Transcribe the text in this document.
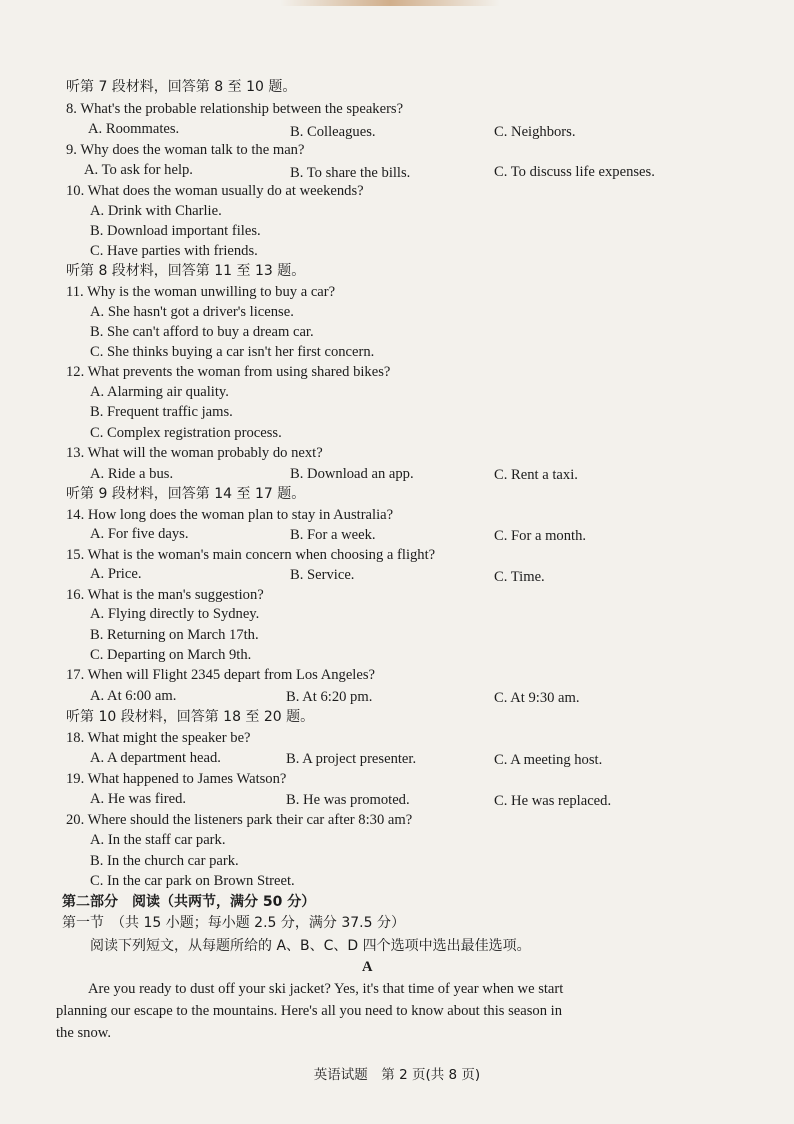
听第 7 段材料，回答第 8 至 10 题。
8. What's the probable relationship between the speakers?
A. Roommates.	B. Colleagues.	C. Neighbors.
9. Why does the woman talk to the man?
A. To ask for help.	B. To share the bills.	C. To discuss life expenses.
10. What does the woman usually do at weekends?
A. Drink with Charlie.
B. Download important files.
C. Have parties with friends.
听第 8 段材料，回答第 11 至 13 题。
11. Why is the woman unwilling to buy a car?
A. She hasn't got a driver's license.
B. She can't afford to buy a dream car.
C. She thinks buying a car isn't her first concern.
12. What prevents the woman from using shared bikes?
A. Alarming air quality.
B. Frequent traffic jams.
C. Complex registration process.
13. What will the woman probably do next?
A. Ride a bus.	B. Download an app.	C. Rent a taxi.
听第 9 段材料，回答第 14 至 17 题。
14. How long does the woman plan to stay in Australia?
A. For five days.	B. For a week.	C. For a month.
15. What is the woman's main concern when choosing a flight?
A. Price.	B. Service.	C. Time.
16. What is the man's suggestion?
A. Flying directly to Sydney.
B. Returning on March 17th.
C. Departing on March 9th.
17. When will Flight 2345 depart from Los Angeles?
A. At 6:00 am.	B. At 6:20 pm.	C. At 9:30 am.
听第 10 段材料，回答第 18 至 20 题。
18. What might the speaker be?
A. A department head.	B. A project presenter.	C. A meeting host.
19. What happened to James Watson?
A. He was fired.	B. He was promoted.	C. He was replaced.
20. Where should the listeners park their car after 8:30 am?
A. In the staff car park.
B. In the church car park.
C. In the car park on Brown Street.
第二部分　阅读（共两节，满分 50 分）
第一节　（共 15 小题；每小题 2.5 分，满分 37.5 分）
阅读下列短文，从每题所给的 A、B、C、D 四个选项中选出最佳选项。
A
Are you ready to dust off your ski jacket? Yes, it's that time of year when we start
planning our escape to the mountains. Here's all you need to know about this season in
the snow.
英语试题　第 2 页(共 8 页)
